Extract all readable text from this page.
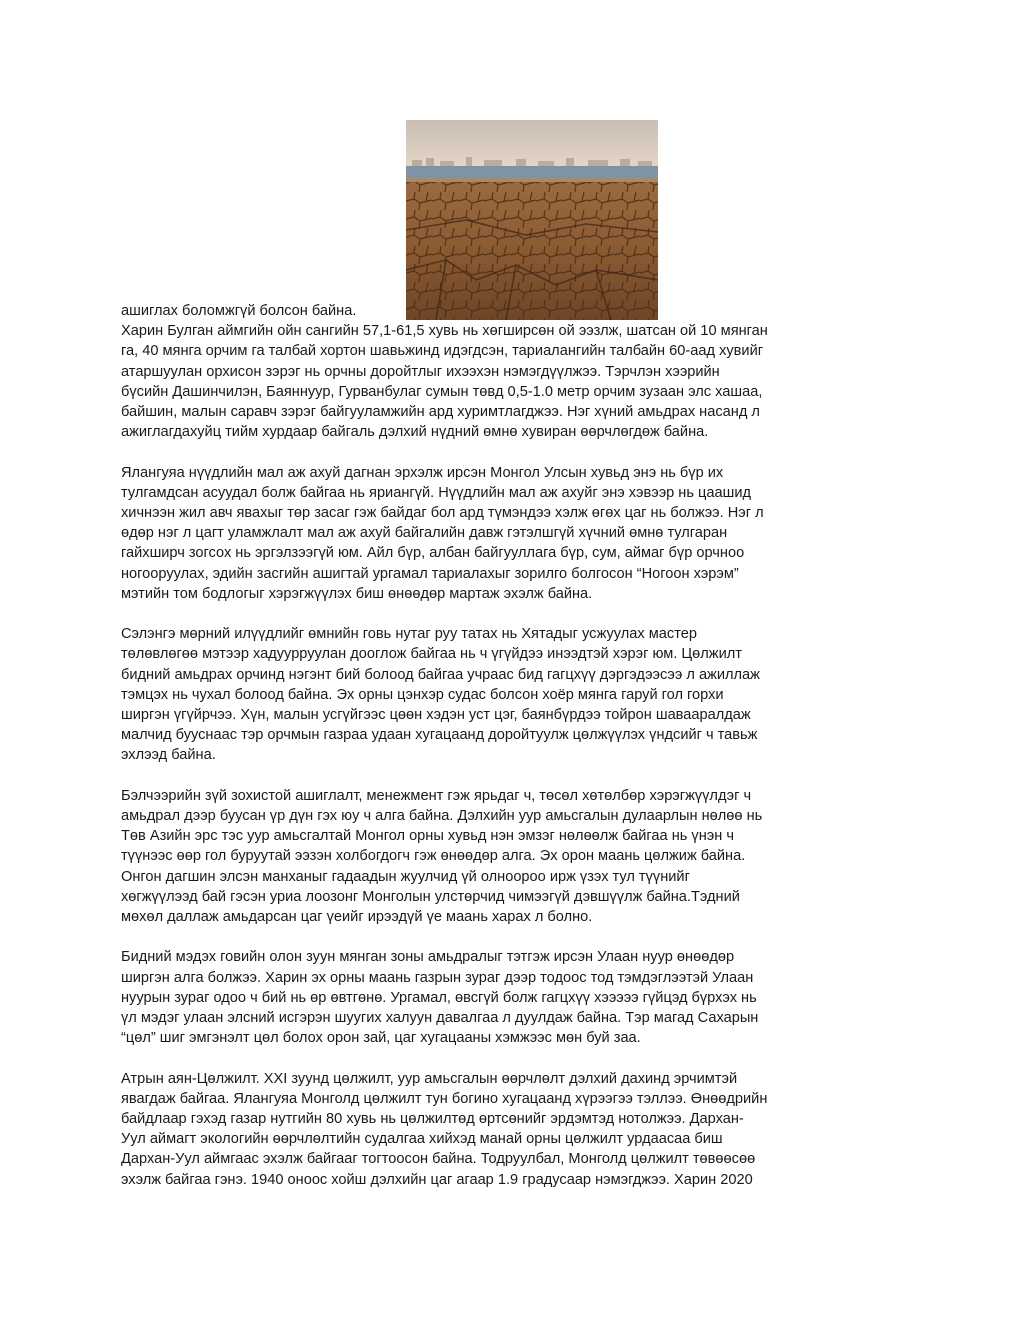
ашиглах боломжгүй болсон байна.
Харин Булган аймгийн ойн сангийн 57,1-61,5 хувь нь хөгширсөн ой ээзлж, шатсан ой 10 мянган
га, 40 мянга орчим га талбай хортон шавьжинд идэгдсэн, тариалангийн талбайн 60-аад хувийг
атаршуулан орхисон зэрэг нь орчны доройтлыг ихээхэн нэмэгдүүлжээ. Тэрчлэн хээрийн
бүсийн Дашинчилэн, Баяннуур, Гурванбулаг сумын төвд 0,5-1.0 метр орчим зузаан элс хашаа,
байшин, малын саравч зэрэг байгууламжийн ард хуримтлагджээ. Нэг хүний амьдрах насанд л
ажиглагдахуйц тийм хурдаар байгаль дэлхий нүдний өмнө хувиран өөрчлөгдөж байна.
Ялангуяа нүүдлийн мал аж ахуй дагнан эрхэлж ирсэн Монгол Улсын хувьд энэ нь бүр их
тулгамдсан асуудал болж байгаа нь яриангүй. Нүүдлийн мал аж ахуйг энэ хэвээр нь цаашид
хичнээн жил авч явахыг төр засаг гэж байдаг бол ард түмэндээ хэлж өгөх цаг нь болжээ. Нэг л
өдөр нэг л цагт уламжлалт мал аж ахуй байгалийн давж гэтэлшгүй хүчний өмнө тулгаран
гайхширч зогсох нь эргэлзээгүй юм. Айл бүр, албан байгууллага бүр, сум, аймаг бүр орчноо
ногооруулах, эдийн засгийн ашигтай ургамал тариалахыг зорилго болгосон “Ногоон хэрэм”
мэтийн том бодлогыг хэрэгжүүлэх биш өнөөдөр мартаж эхэлж байна.
Сэлэнгэ мөрний илүүдлийг өмнийн говь нутаг руу татах нь Хятадыг усжуулах мастер
төлөвлөгөө мэтээр хадуурруулан дооглож байгаа нь ч үгүйдээ инээдтэй хэрэг юм. Цөлжилт
бидний амьдрах орчинд нэгэнт бий болоод байгаа учраас бид гагцхүү дэргэдээсээ л ажиллаж
тэмцэх нь чухал болоод байна. Эх орны цэнхэр судас болсон хоёр мянга гаруй гол горхи
ширгэн үгүйрчээ. Хүн, малын усгүйгээс цөөн хэдэн уст цэг, баянбүрдээ тойрон шавааралдаж
малчид бууснаас тэр орчмын газраа удаан хугацаанд доройтуулж цөлжүүлэх үндсийг ч тавьж
эхлээд байна.
Бэлчээрийн зүй зохистой ашиглалт, менежмент гэж ярьдаг ч, төсөл хөтөлбөр хэрэгжүүлдэг ч
амьдрал дээр буусан үр дүн гэх юу ч алга байна. Дэлхийн уур амьсгалын дулаарлын нөлөө нь
Төв Азийн эрс тэс уур амьсгалтай Монгол орны хувьд нэн эмзэг нөлөөлж байгаа нь үнэн ч
түүнээс өөр гол буруутай ээзэн холбогдогч гэж өнөөдөр алга. Эх орон маань цөлжиж байна.
Онгон дагшин элсэн манханыг гадаадын жуулчид үй олноороо ирж үзэх тул түүнийг
хөгжүүлээд бай гэсэн уриа лоозонг Монголын улстөрчид чимээгүй дэвшүүлж байна.Тэдний
мөхөл даллаж амьдарсан цаг үеийг ирээдүй үе маань харах л болно.
Бидний мэдэх говийн олон зуун мянган зоны амьдралыг тэтгэж ирсэн Улаан нуур өнөөдөр
ширгэн алга болжээ. Харин эх орны маань газрын зураг дээр тодоос тод тэмдэглээтэй Улаан
нуурын зураг одоо ч бий нь өр өвтгөнө. Ургамал, өвсгүй болж гагцхүү хэээээ гүйцэд бүрхэх нь
үл мэдэг улаан элсний исгэрэн шуугих халуун давалгаа л дуулдаж байна. Тэр магад Сахарын
“цөл” шиг эмгэнэлт цөл болох орон зай, цаг хугацааны хэмжээс мөн буй заа.
Атрын аян-Цөлжилт. XXI зуунд цөлжилт, уур амьсгалын өөрчлөлт дэлхий дахинд эрчимтэй
явагдаж байгаа. Ялангуяа Монголд цөлжилт тун богино хугацаанд хүрээгээ тэллээ. Өнөөдрийн
байдлаар гэхэд газар нутгийн 80 хувь нь цөлжилтөд өртсөнийг эрдэмтэд нотолжээ. Дархан-
Уул аймагт экологийн өөрчлөлтийн судалгаа хийхэд манай орны цөлжилт урдаасаа биш
Дархан-Уул аймгаас эхэлж байгааг тогтоосон байна. Тодруулбал, Монголд цөлжилт төвөөсөө
эхэлж байгаа гэнэ. 1940 оноос хойш дэлхийн цаг агаар 1.9 градусаар нэмэгджээ. Харин 2020
